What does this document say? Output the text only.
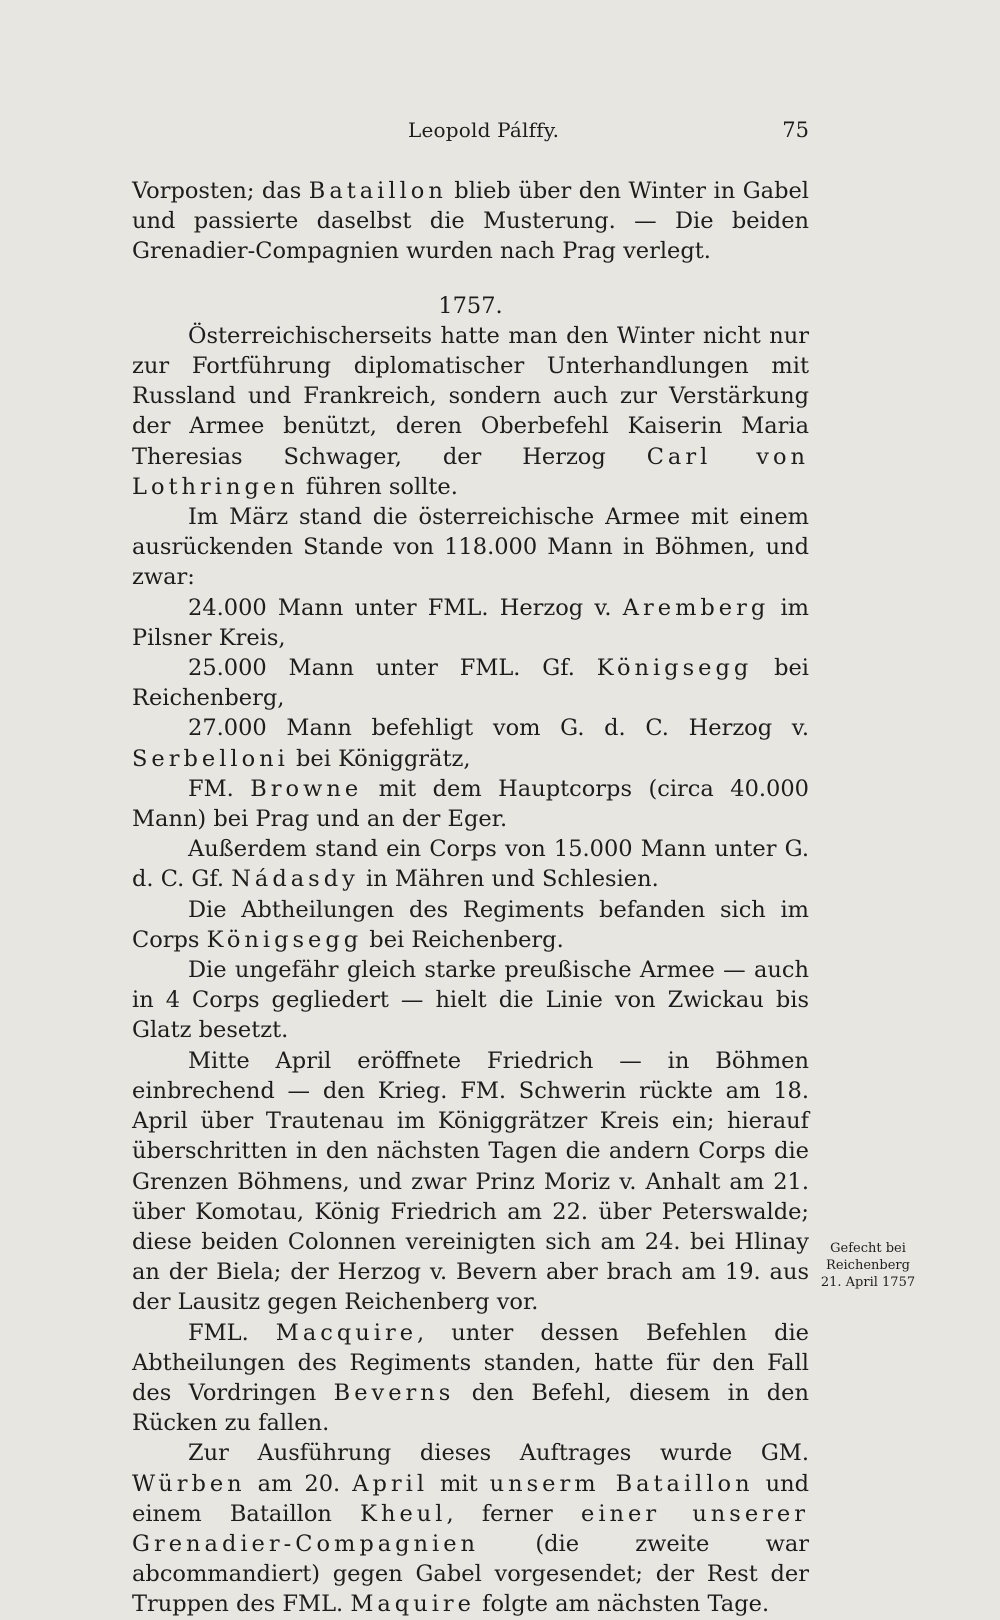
Leopold Pálffy.	75

Vorposten; das Bataillon blieb über den Winter in Gabel und passierte daselbst die Musterung. — Die beiden Grenadier-Compagnien wurden nach Prag verlegt.

1757.

Österreichischerseits hatte man den Winter nicht nur zur Fortführung diplomatischer Unterhandlungen mit Russland und Frankreich, sondern auch zur Verstärkung der Armee benützt, deren Oberbefehl Kaiserin Maria Theresias Schwager, der Herzog Carl von Lothringen führen sollte.

Im März stand die österreichische Armee mit einem ausrückenden Stande von 118.000 Mann in Böhmen, und zwar:

24.000 Mann unter FML. Herzog v. Aremberg im Pilsner Kreis,

25.000 Mann unter FML. Gf. Königsegg bei Reichenberg,

27.000 Mann befehligt vom G. d. C. Herzog v. Serbelloni bei Königgrätz,

FM. Browne mit dem Hauptcorps (circa 40.000 Mann) bei Prag und an der Eger.

Außerdem stand ein Corps von 15.000 Mann unter G. d. C. Gf. Nádasdy in Mähren und Schlesien.

Die Abtheilungen des Regiments befanden sich im Corps Königsegg bei Reichenberg.

Die ungefähr gleich starke preußische Armee — auch in 4 Corps gegliedert — hielt die Linie von Zwickau bis Glatz besetzt.

Mitte April eröffnete Friedrich — in Böhmen einbrechend — den Krieg. FM. Schwerin rückte am 18. April über Trautenau im Königgrätzer Kreis ein; hierauf überschritten in den nächsten Tagen die andern Corps die Grenzen Böhmens, und zwar Prinz Moriz v. Anhalt am 21. über Komotau, König Friedrich am 22. über Peterswalde; diese beiden Colonnen vereinigten sich am 24. bei Hlinay an der Biela; der Herzog v. Bevern aber brach am 19. aus der Lausitz gegen Reichenberg vor.

FML. Macquire, unter dessen Befehlen die Abtheilungen des Regiments standen, hatte für den Fall des Vordringen Beverns den Befehl, diesem in den Rücken zu fallen.

Zur Ausführung dieses Auftrages wurde GM. Würben am 20. April mit unserm Bataillon und einem Bataillon Kheul, ferner einer unserer Grenadier-Compagnien (die zweite war abcommandiert) gegen Gabel vorgesendet; der Rest der Truppen des FML. Maquire folgte am nächsten Tage.

Gefecht bei
Reichenberg
21. April 1757
